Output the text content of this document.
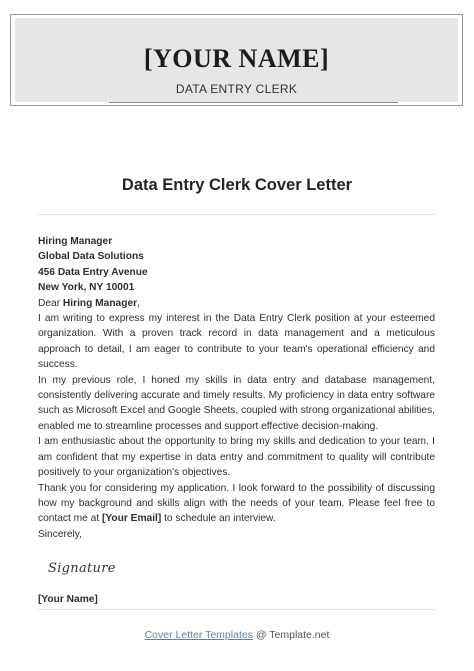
[YOUR NAME]
DATA ENTRY CLERK
Data Entry Clerk Cover Letter
Hiring Manager
Global Data Solutions
456 Data Entry Avenue
New York, NY 10001
Dear Hiring Manager,

I am writing to express my interest in the Data Entry Clerk position at your esteemed organization. With a proven track record in data management and a meticulous approach to detail, I am eager to contribute to your team's operational efficiency and success.

In my previous role, I honed my skills in data entry and database management, consistently delivering accurate and timely results. My proficiency in data entry software such as Microsoft Excel and Google Sheets, coupled with strong organizational abilities, enabled me to streamline processes and support effective decision-making.

I am enthusiastic about the opportunity to bring my skills and dedication to your team. I am confident that my expertise in data entry and commitment to quality will contribute positively to your organization's objectives.

Thank you for considering my application. I look forward to the possibility of discussing how my background and skills align with the needs of your team. Please feel free to contact me at [Your Email] to schedule an interview.

Sincerely,
Signature
[Your Name]
Cover Letter Templates @ Template.net
